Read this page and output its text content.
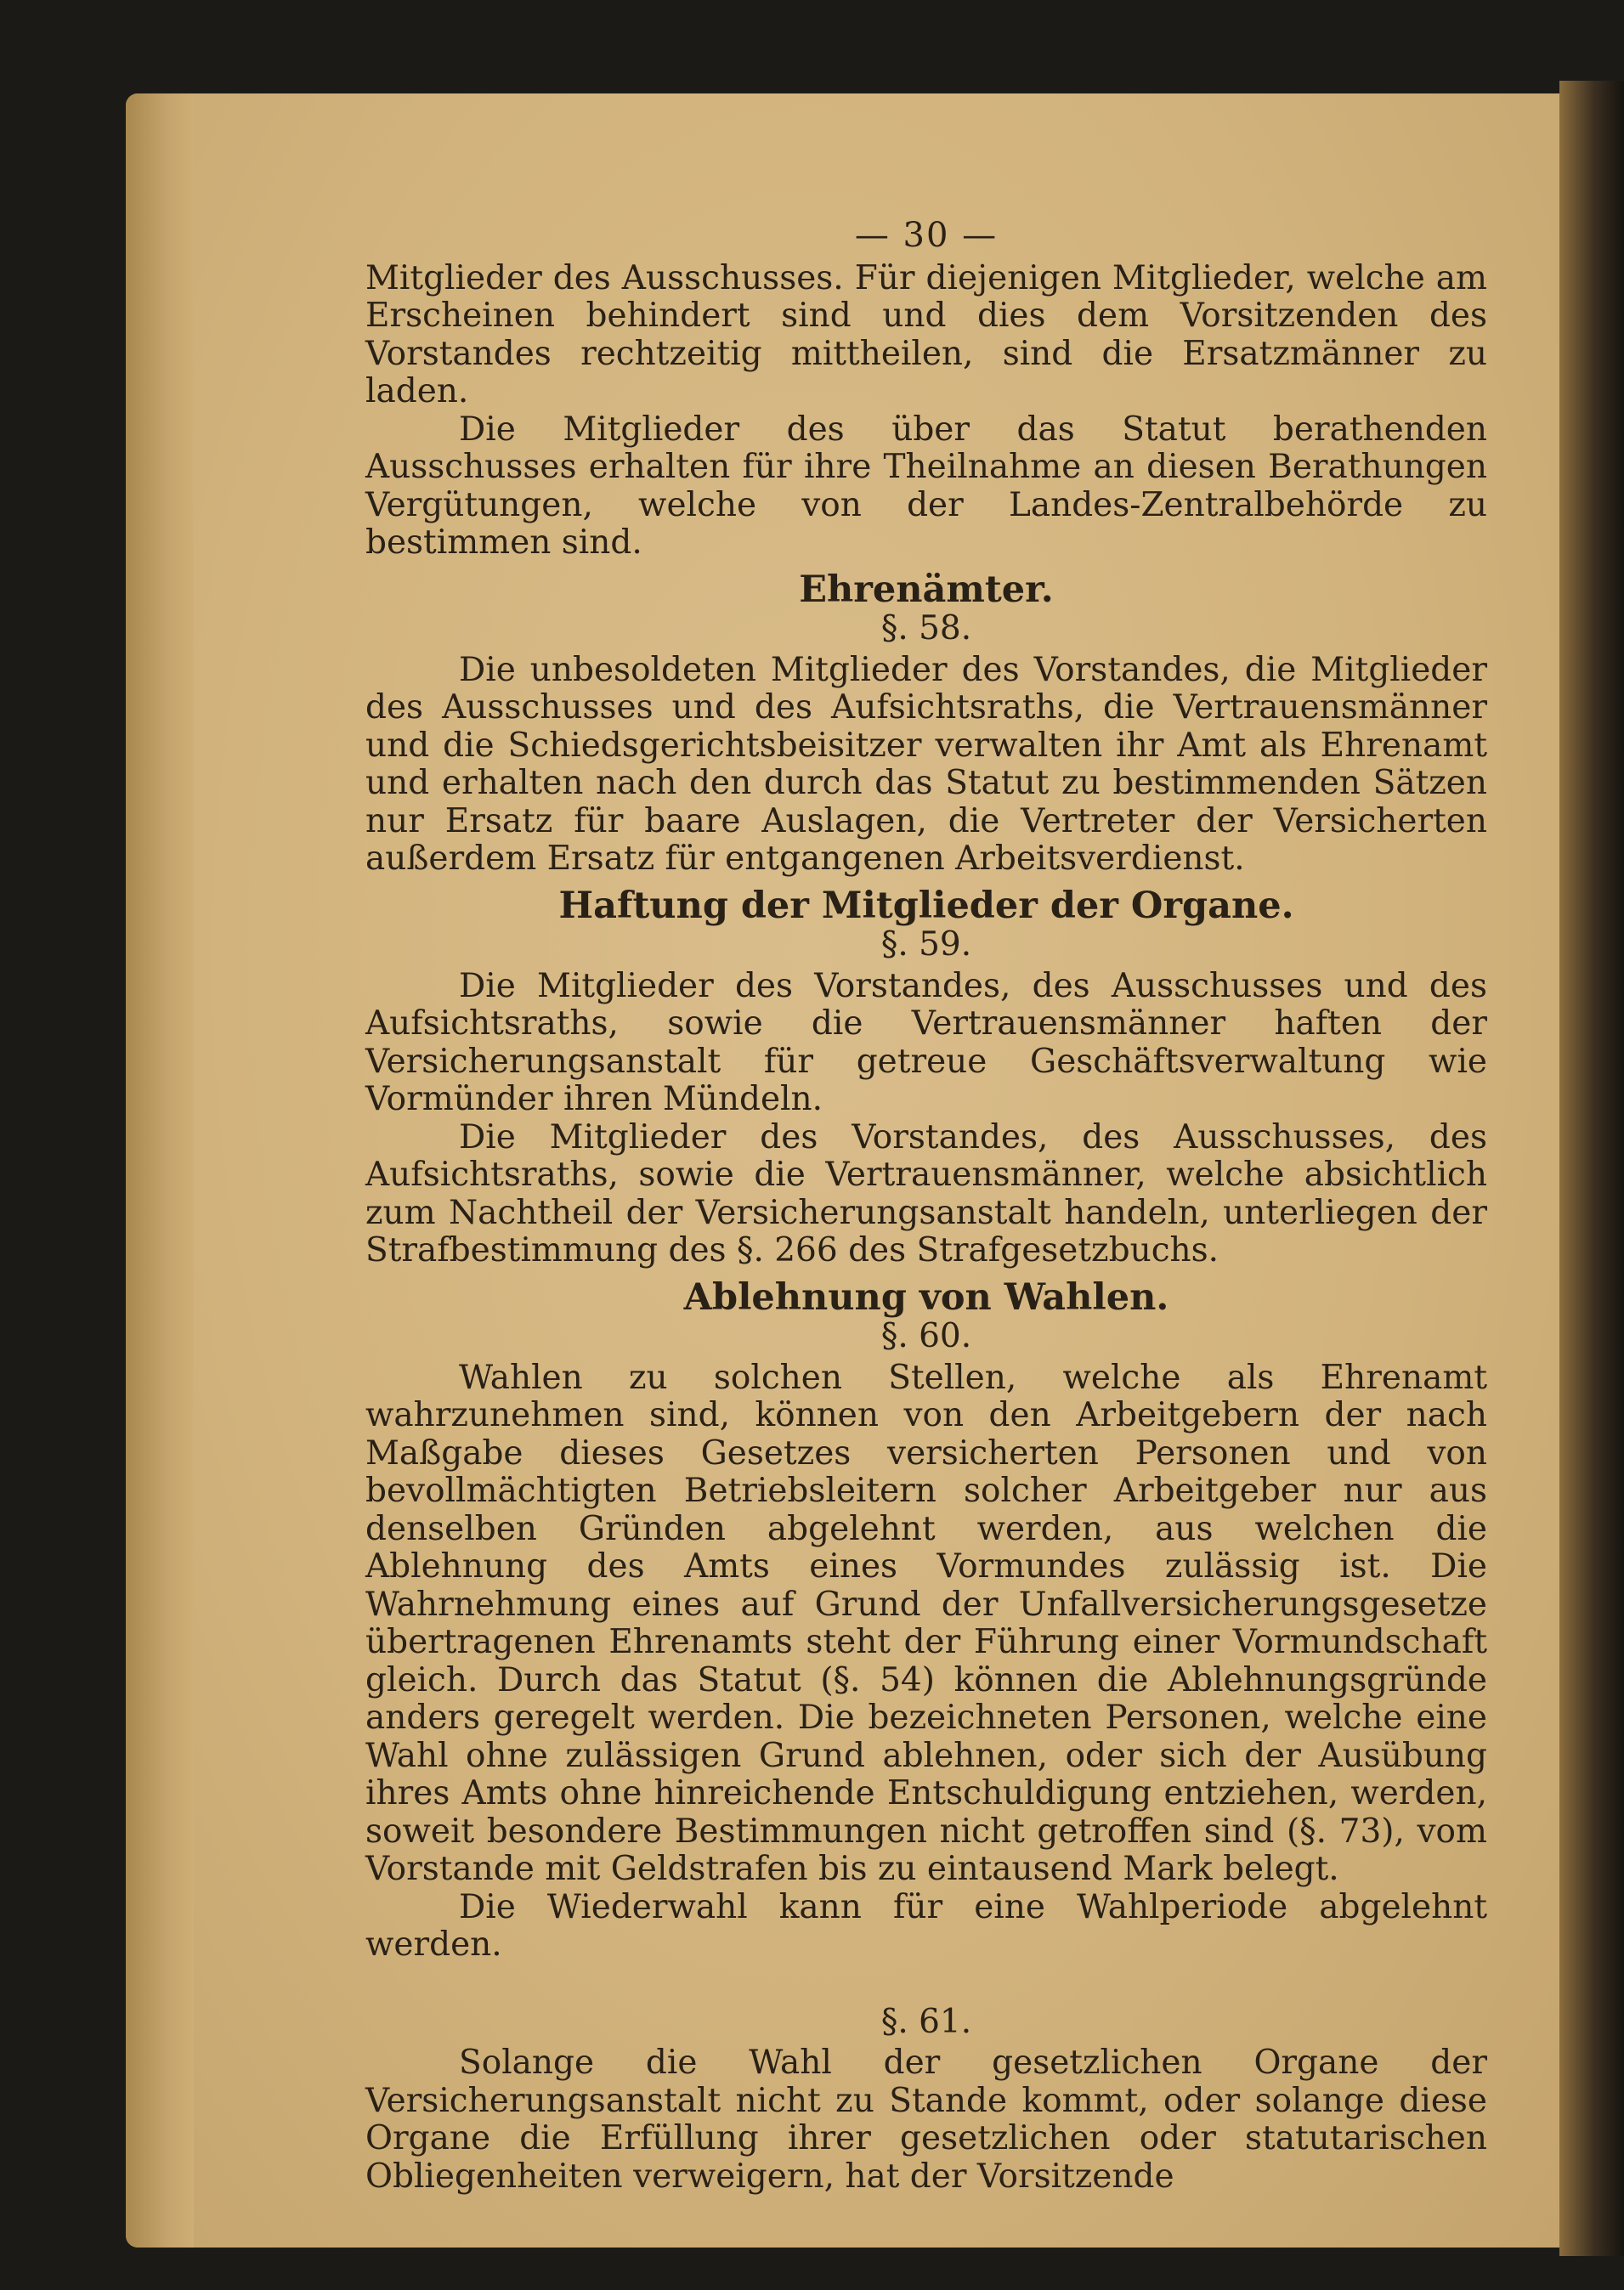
— 30 —

Mitglieder des Ausschusses. Für diejenigen Mitglieder, welche am Erscheinen behindert sind und dies dem Vorsitzenden des Vorstandes rechtzeitig mittheilen, sind die Ersatzmänner zu laden.

Die Mitglieder des über das Statut berathenden Ausschusses erhalten für ihre Theilnahme an diesen Berathungen Vergütungen, welche von der Landes-Zentralbehörde zu bestimmen sind.

Ehrenämter.
§. 58.

Die unbesoldeten Mitglieder des Vorstandes, die Mitglieder des Ausschusses und des Aufsichtsraths, die Vertrauensmänner und die Schiedsgerichtsbeisitzer verwalten ihr Amt als Ehrenamt und erhalten nach den durch das Statut zu bestimmenden Sätzen nur Ersatz für baare Auslagen, die Vertreter der Versicherten außerdem Ersatz für entgangenen Arbeitsverdienst.

Haftung der Mitglieder der Organe.
§. 59.

Die Mitglieder des Vorstandes, des Ausschusses und des Aufsichtsraths, sowie die Vertrauensmänner haften der Versicherungsanstalt für getreue Geschäftsverwaltung wie Vormünder ihren Mündeln.

Die Mitglieder des Vorstandes, des Ausschusses, des Aufsichtsraths, sowie die Vertrauensmänner, welche absichtlich zum Nachtheil der Versicherungsanstalt handeln, unterliegen der Strafbestimmung des §. 266 des Strafgesetzbuchs.

Ablehnung von Wahlen.
§. 60.

Wahlen zu solchen Stellen, welche als Ehrenamt wahrzunehmen sind, können von den Arbeitgebern der nach Maßgabe dieses Gesetzes versicherten Personen und von bevollmächtigten Betriebsleitern solcher Arbeitgeber nur aus denselben Gründen abgelehnt werden, aus welchen die Ablehnung des Amts eines Vormundes zulässig ist. Die Wahrnehmung eines auf Grund der Unfallversicherungsgesetze übertragenen Ehrenamts steht der Führung einer Vormundschaft gleich. Durch das Statut (§. 54) können die Ablehnungsgründe anders geregelt werden. Die bezeichneten Personen, welche eine Wahl ohne zulässigen Grund ablehnen, oder sich der Ausübung ihres Amts ohne hinreichende Entschuldigung entziehen, werden, soweit besondere Bestimmungen nicht getroffen sind (§. 73), vom Vorstande mit Geldstrafen bis zu eintausend Mark belegt.

Die Wiederwahl kann für eine Wahlperiode abgelehnt werden.

§. 61.

Solange die Wahl der gesetzlichen Organe der Versicherungsanstalt nicht zu Stande kommt, oder solange diese Organe die Erfüllung ihrer gesetzlichen oder statutarischen Obliegenheiten verweigern, hat der Vorsitzende
